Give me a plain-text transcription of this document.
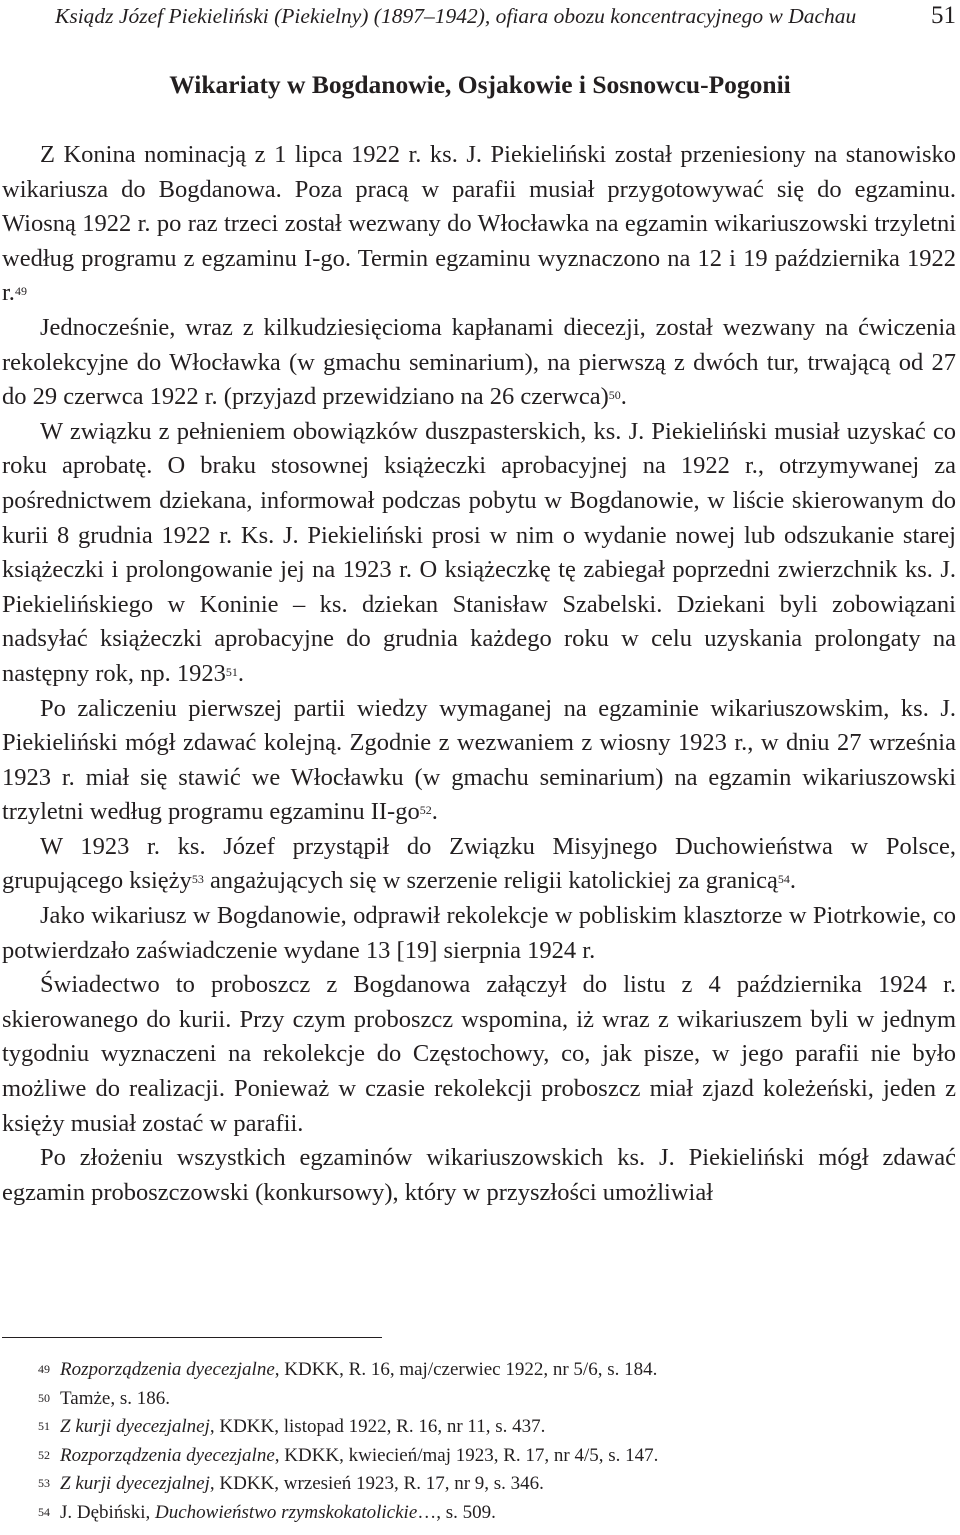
Ksiądz Józef Piekieliński (Piekielny) (1897–1942), ofiara obozu koncentracyjnego w Dachau	51
Wikariaty w Bogdanowie, Osjakowie i Sosnowcu-Pogonii

Z Konina nominacją z 1 lipca 1922 r. ks. J. Piekieliński został przeniesiony na stanowisko wikariusza do Bogdanowa. Poza pracą w parafii musiał przygotowywać się do egzaminu. Wiosną 1922 r. po raz trzeci został wezwany do Włocławka na egzamin wikariuszowski trzyletni według programu z egzaminu I-go. Termin egzaminu wyznaczono na 12 i 19 października 1922 r.$^{49}$

Jednocześnie, wraz z kilkudziesięcioma kapłanami diecezji, został wezwany na ćwiczenia rekolekcyjne do Włocławka (w gmachu seminarium), na pierwszą z dwóch tur, trwającą od 27 do 29 czerwca 1922 r. (przyjazd przewidziano na 26 czerwca)$^{50}$.

W związku z pełnieniem obowiązków duszpasterskich, ks. J. Piekieliński musiał uzyskać co roku aprobatę. O braku stosownej książeczki aprobacyjnej na 1922 r., otrzymywanej za pośrednictwem dziekana, informował podczas pobytu w Bogdanowie, w liście skierowanym do kurii 8 grudnia 1922 r. Ks. J. Piekieliński prosi w nim o wydanie nowej lub odszukanie starej książeczki i prolongowanie jej na 1923 r. O książeczkę tę zabiegał poprzedni zwierzchnik ks. J. Piekielińskiego w Koninie – ks. dziekan Stanisław Szabelski. Dziekani byli zobowiązani nadsyłać książeczki aprobacyjne do grudnia każdego roku w celu uzyskania prolongaty na następny rok, np. 1923$^{51}$.

Po zaliczeniu pierwszej partii wiedzy wymaganej na egzaminie wikariuszowskim, ks. J. Piekieliński mógł zdawać kolejną. Zgodnie z wezwaniem z wiosny 1923 r., w dniu 27 września 1923 r. miał się stawić we Włocławku (w gmachu seminarium) na egzamin wikariuszowski trzyletni według programu egzaminu II-go$^{52}$.

W 1923 r. ks. Józef przystąpił do Związku Misyjnego Duchowieństwa w Polsce, grupującego księży$^{53}$ angażujących się w szerzenie religii katolickiej za granicą$^{54}$.

Jako wikariusz w Bogdanowie, odprawił rekolekcje w pobliskim klasztorze w Piotrkowie, co potwierdzało zaświadczenie wydane 13 [19] sierpnia 1924 r.
Świadectwo to proboszcz z Bogdanowa załączył do listu z 4 października 1924 r. skierowanego do kurii. Przy czym proboszcz wspomina, iż wraz z wikariuszem byli w jednym tygodniu wyznaczeni na rekolekcje do Częstochowy, co, jak pisze, w jego parafii nie było możliwe do realizacji. Ponieważ w czasie rekolekcji proboszcz miał zjazd koleżeński, jeden z księży musiał zostać w parafii.

Po złożeniu wszystkich egzaminów wikariuszowskich ks. J. Piekieliński mógł zdawać egzamin proboszczowski (konkursowy), który w przyszłości umożliwiał

$^{49}$ Rozporządzenia dyecezjalne, KDKK, R. 16, maj/czerwiec 1922, nr 5/6, s. 184.
$^{50}$ Tamże, s. 186.
$^{51}$ Z kurji dyecezjalnej, KDKK, listopad 1922, R. 16, nr 11, s. 437.
$^{52}$ Rozporządzenia dyecezjalne, KDKK, kwiecień/maj 1923, R. 17, nr 4/5, s. 147.
$^{53}$ Z kurji dyecezjalnej, KDKK, wrzesień 1923, R. 17, nr 9, s. 346.
$^{54}$ J. Dębiński, Duchowieństwo rzymskokatolickie…, s. 509.
